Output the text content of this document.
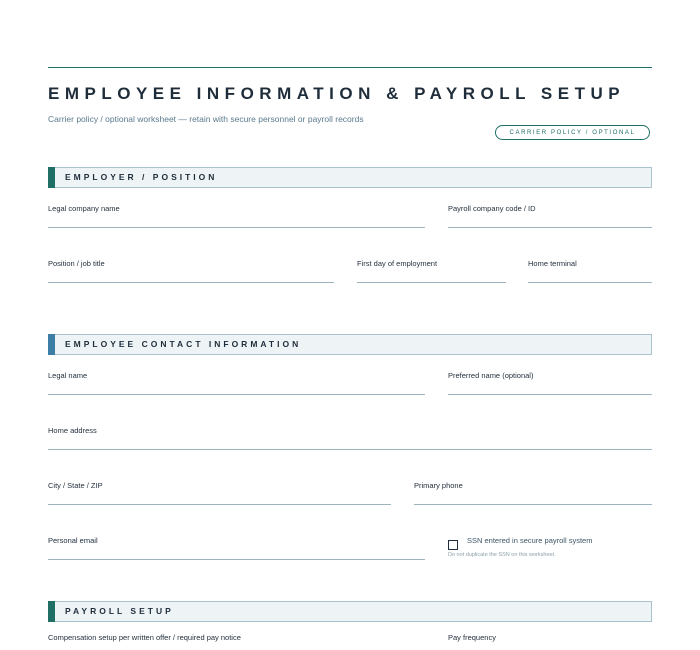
EMPLOYEE INFORMATION & PAYROLL SETUP
Carrier policy / optional worksheet — retain with secure personnel or payroll records
CARRIER POLICY / OPTIONAL
EMPLOYER / POSITION
Legal company name	Payroll company code / ID
Position / job title	First day of employment	Home terminal
EMPLOYEE CONTACT INFORMATION
Legal name	Preferred name (optional)
Home address
City / State / ZIP	Primary phone
Personal email	SSN entered in secure payroll system
Do not duplicate the SSN on this worksheet.
PAYROLL SETUP
Compensation setup per written offer / required pay notice	Pay frequency
